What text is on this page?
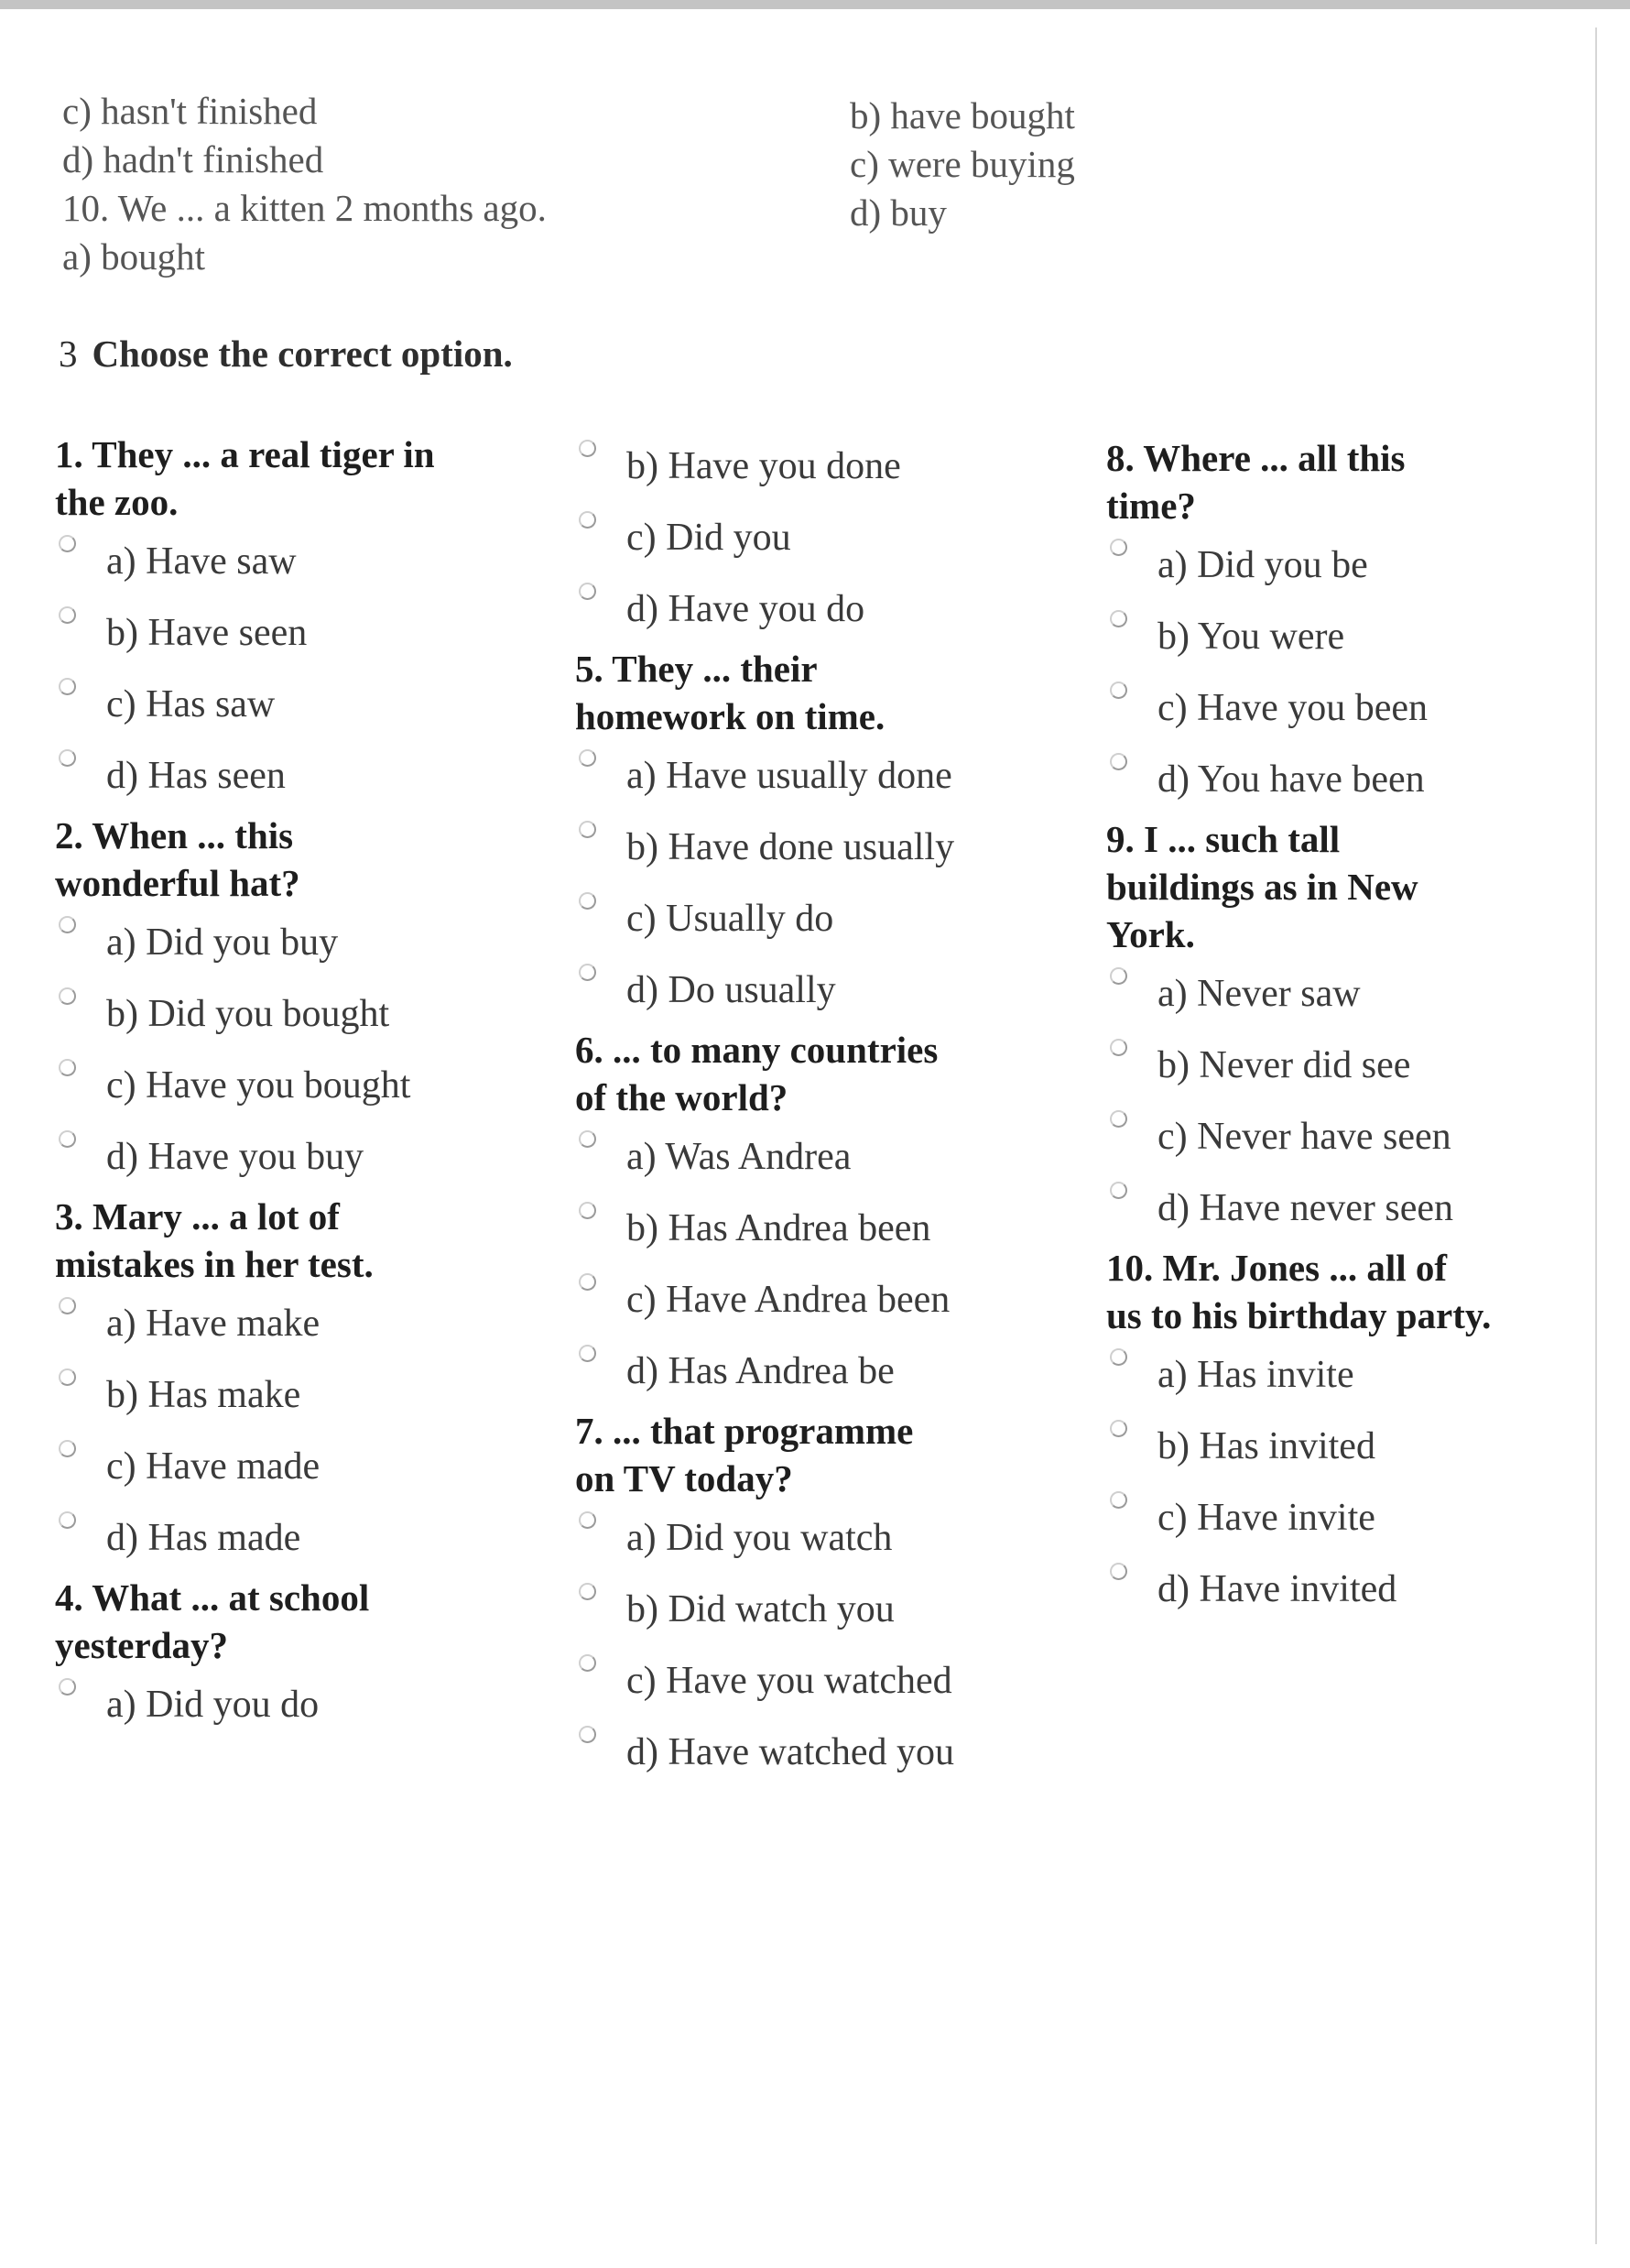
c) hasn't finished
d) hadn't finished
10. We ... a kitten 2 months ago.
a) bought
b) have bought
c) were buying
d) buy
3 Choose the correct option.
1. They ... a real tiger in
the zoo.
a) Have saw
b) Have seen
c) Has saw
d) Has seen
2. When ... this
wonderful hat?
a) Did you buy
b) Did you bought
c) Have you bought
d) Have you buy
3. Mary ... a lot of
mistakes in her test.
a) Have make
b) Has make
c) Have made
d) Has made
4. What ... at school
yesterday?
a) Did you do
b) Have you done
c) Did you
d) Have you do
5. They ... their
homework on time.
a) Have usually done
b) Have done usually
c) Usually do
d) Do usually
6. ... to many countries
of the world?
a) Was Andrea
b) Has Andrea been
c) Have Andrea been
d) Has Andrea be
7. ... that programme
on TV today?
a) Did you watch
b) Did watch you
c) Have you watched
d) Have watched you
8. Where ... all this
time?
a) Did you be
b) You were
c) Have you been
d) You have been
9. I ... such tall
buildings as in New
York.
a) Never saw
b) Never did see
c) Never have seen
d) Have never seen
10. Mr. Jones ... all of
us to his birthday party.
a) Has invite
b) Has invited
c) Have invite
d) Have invited
